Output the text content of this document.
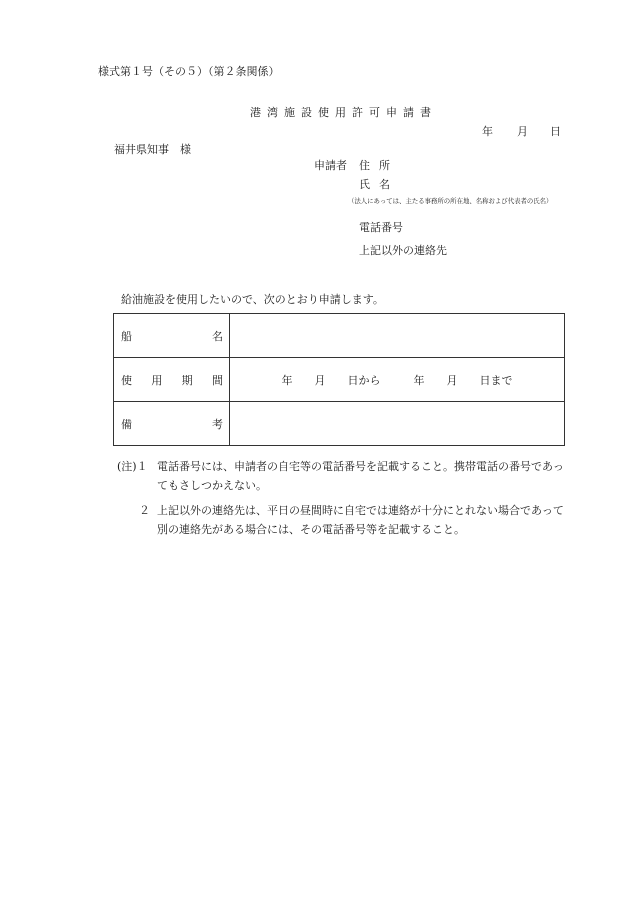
様式第１号（その５）（第２条関係）
港湾施設使用許可申請書
年 月 日
福井県知事　様
申請者 住所
氏名
（法人にあっては、主たる事務所の所在地、名称および代表者の氏名）
電話番号
上記以外の連絡先
給油施設を使用したいので、次のとおり申請します。
船 名	

使 用 期 間	年　　月　　日から　　　年　　月　　日まで

備 考	

(注)１ 電話番号には、申請者の自宅等の電話番号を記載すること。携帯電話の番号であってもさしつかえない。
２ 上記以外の連絡先は、平日の昼間時に自宅では連絡が十分にとれない場合であって別の連絡先がある場合には、その電話番号等を記載すること。
